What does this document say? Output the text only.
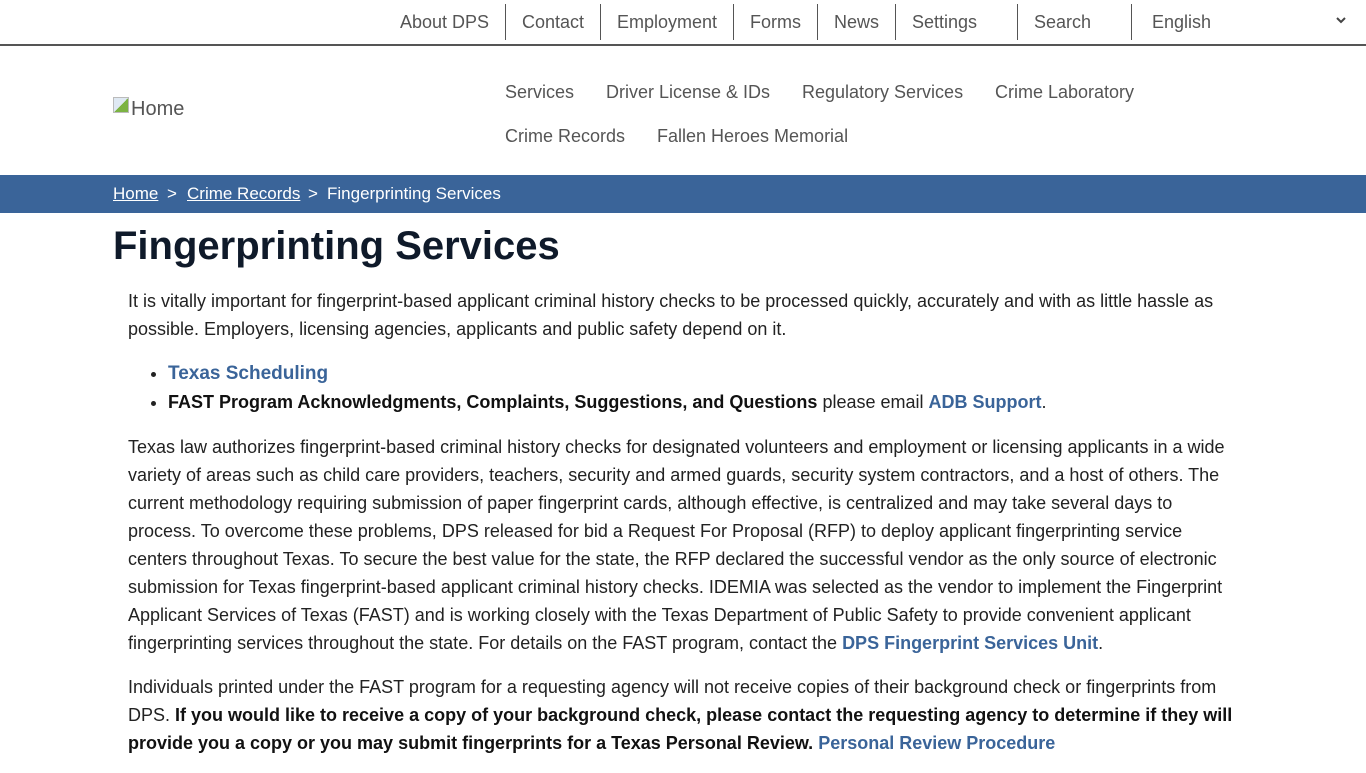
About DPS Contact Employment Forms News Settings	Search	English
Home
Services Driver License & IDs Regulatory Services Crime Laboratory
Crime Records Fallen Heroes Memorial
Home > Crime Records > Fingerprinting Services
Fingerprinting Services

It is vitally important for fingerprint-based applicant criminal history checks to be processed quickly, accurately and with as little hassle as possible. Employers, licensing agencies, applicants and public safety depend on it.

• Texas Scheduling
• FAST Program Acknowledgments, Complaints, Suggestions, and Questions please email ADB Support.

Texas law authorizes fingerprint-based criminal history checks for designated volunteers and employment or licensing applicants in a wide variety of areas such as child care providers, teachers, security and armed guards, security system contractors, and a host of others. The current methodology requiring submission of paper fingerprint cards, although effective, is centralized and may take several days to process. To overcome these problems, DPS released for bid a Request For Proposal (RFP) to deploy applicant fingerprinting service centers throughout Texas. To secure the best value for the state, the RFP declared the successful vendor as the only source of electronic submission for Texas fingerprint-based applicant criminal history checks. IDEMIA was selected as the vendor to implement the Fingerprint Applicant Services of Texas (FAST) and is working closely with the Texas Department of Public Safety to provide convenient applicant fingerprinting services throughout the state. For details on the FAST program, contact the DPS Fingerprint Services Unit.

Individuals printed under the FAST program for a requesting agency will not receive copies of their background check or fingerprints from DPS. If you would like to receive a copy of your background check, please contact the requesting agency to determine if they will provide you a copy or you may submit fingerprints for a Texas Personal Review. Personal Review Procedure
